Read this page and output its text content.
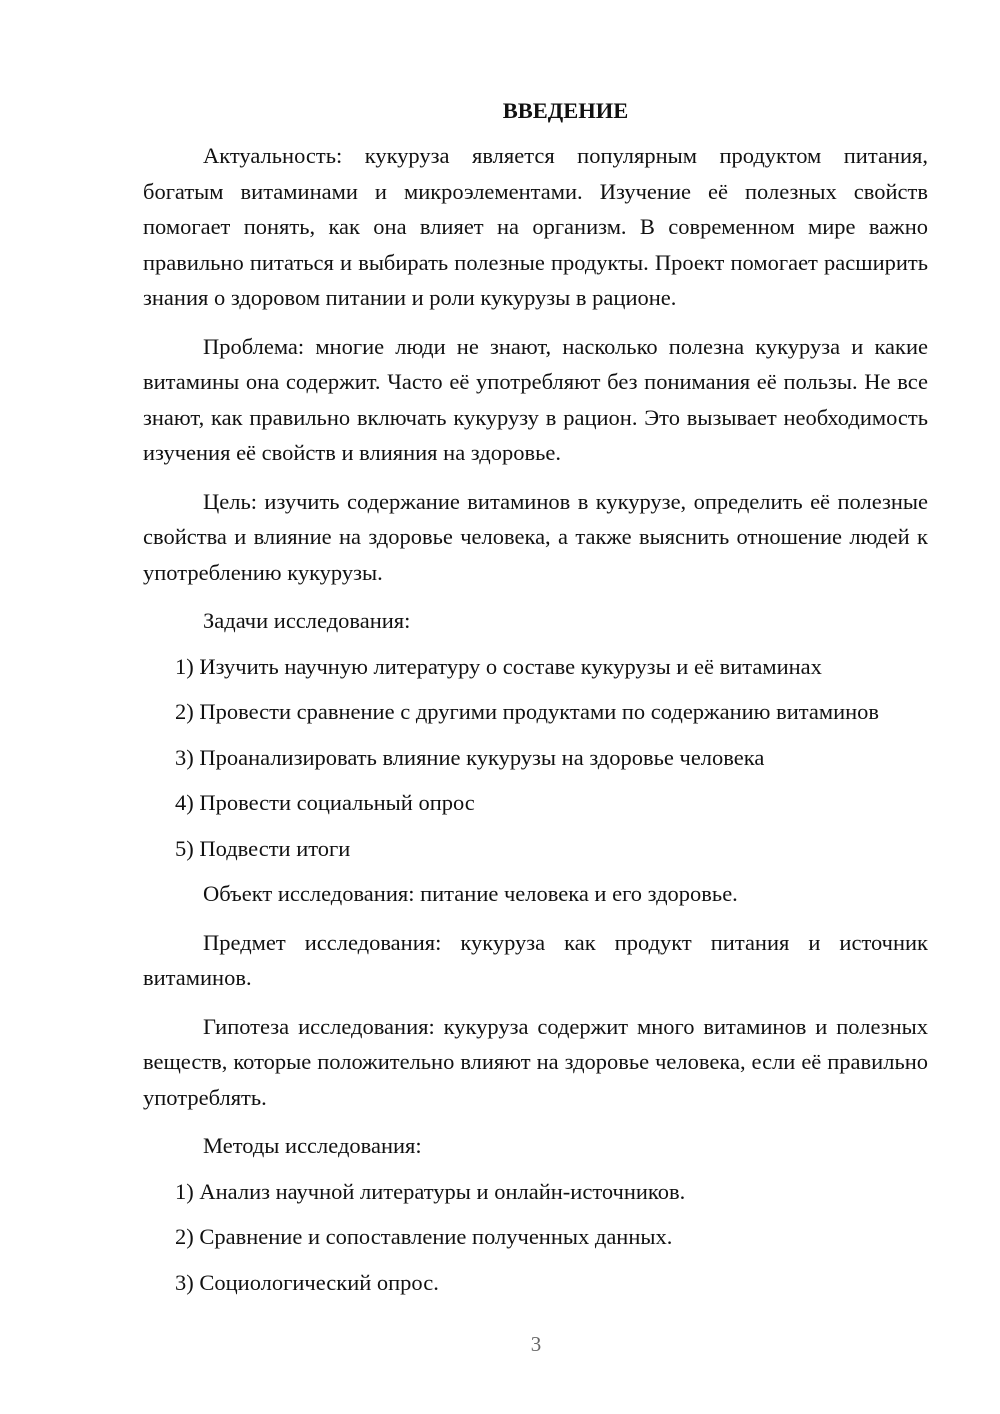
ВВЕДЕНИЕ

Актуальность: кукуруза является популярным продуктом питания, богатым витаминами и микроэлементами. Изучение её полезных свойств помогает понять, как она влияет на организм. В современном мире важно правильно питаться и выбирать полезные продукты. Проект помогает расширить знания о здоровом питании и роли кукурузы в рационе.

Проблема: многие люди не знают, насколько полезна кукуруза и какие витамины она содержит. Часто её употребляют без понимания её пользы. Не все знают, как правильно включать кукурузу в рацион. Это вызывает необходимость изучения её свойств и влияния на здоровье.

Цель: изучить содержание витаминов в кукурузе, определить её полезные свойства и влияние на здоровье человека, а также выяснить отношение людей к употреблению кукурузы.

Задачи исследования:
1) Изучить научную литературу о составе кукурузы и её витаминах
2) Провести сравнение с другими продуктами по содержанию витаминов
3) Проанализировать влияние кукурузы на здоровье человека
4) Провести социальный опрос
5) Подвести итоги

Объект исследования: питание человека и его здоровье.

Предмет исследования: кукуруза как продукт питания и источник витаминов.

Гипотеза исследования: кукуруза содержит много витаминов и полезных веществ, которые положительно влияют на здоровье человека, если её правильно употреблять.

Методы исследования:
1) Анализ научной литературы и онлайн-источников.
2) Сравнение и сопоставление полученных данных.
3) Социологический опрос.
3
